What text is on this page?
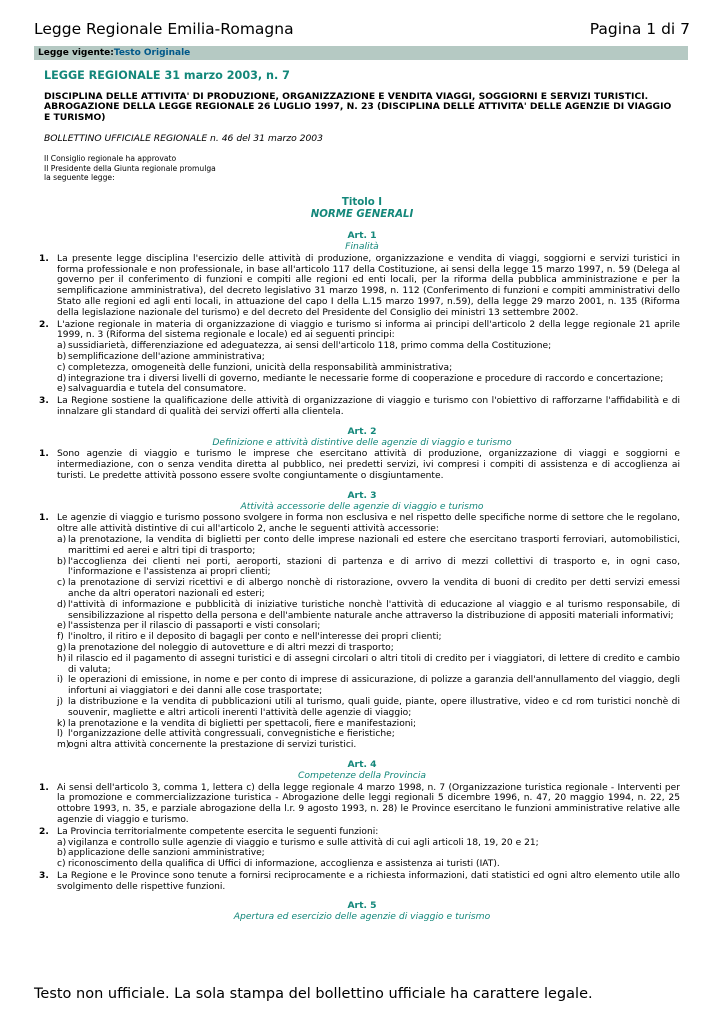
Legge Regionale Emilia-Romagna	Pagina 1 di 7
Legge vigente:Testo Originale
LEGGE REGIONALE 31 marzo 2003, n. 7
DISCIPLINA DELLE ATTIVITA' DI PRODUZIONE, ORGANIZZAZIONE E VENDITA VIAGGI, SOGGIORNI E SERVIZI TURISTICI. ABROGAZIONE DELLA LEGGE REGIONALE 26 LUGLIO 1997, N. 23 (DISCIPLINA DELLE ATTIVITA' DELLE AGENZIE DI VIAGGIO E TURISMO)
BOLLETTINO UFFICIALE REGIONALE n. 46 del 31 marzo 2003
Il Consiglio regionale ha approvato
Il Presidente della Giunta regionale promulga
la seguente legge:
Titolo I
NORME GENERALI
Art. 1
Finalità
1. La presente legge disciplina l'esercizio delle attività di produzione, organizzazione e vendita di viaggi, soggiorni e servizi turistici in forma professionale e non professionale, in base all'articolo 117 della Costituzione, ai sensi della legge 15 marzo 1997, n. 59 (Delega al governo per il conferimento di funzioni e compiti alle regioni ed enti locali, per la riforma della pubblica amministrazione e per la semplificazione amministrativa), del decreto legislativo 31 marzo 1998, n. 112 (Conferimento di funzioni e compiti amministrativi dello Stato alle regioni ed agli enti locali, in attuazione del capo I della L.15 marzo 1997, n.59), della legge 29 marzo 2001, n. 135 (Riforma della legislazione nazionale del turismo) e del decreto del Presidente del Consiglio dei ministri 13 settembre 2002.
2. L'azione regionale in materia di organizzazione di viaggio e turismo si informa ai principi dell'articolo 2 della legge regionale 21 aprile 1999, n. 3 (Riforma del sistema regionale e locale) ed ai seguenti principi:
a) sussidiarietà, differenziazione ed adeguatezza, ai sensi dell'articolo 118, primo comma della Costituzione;
b) semplificazione dell'azione amministrativa;
c) completezza, omogeneità delle funzioni, unicità della responsabilità amministrativa;
d) integrazione tra i diversi livelli di governo, mediante le necessarie forme di cooperazione e procedure di raccordo e concertazione;
e) salvaguardia e tutela del consumatore.
3. La Regione sostiene la qualificazione delle attività di organizzazione di viaggio e turismo con l'obiettivo di rafforzarne l'affidabilità e di innalzare gli standard di qualità dei servizi offerti alla clientela.
Art. 2
Definizione e attività distintive delle agenzie di viaggio e turismo
1. Sono agenzie di viaggio e turismo le imprese che esercitano attività di produzione, organizzazione di viaggi e soggiorni e intermediazione, con o senza vendita diretta al pubblico, nei predetti servizi, ivi compresi i compiti di assistenza e di accoglienza ai turisti. Le predette attività possono essere svolte congiuntamente o disgiuntamente.
Art. 3
Attività accessorie delle agenzie di viaggio e turismo
1. Le agenzie di viaggio e turismo possono svolgere in forma non esclusiva e nel rispetto delle specifiche norme di settore che le regolano, oltre alle attività distintive di cui all'articolo 2, anche le seguenti attività accessorie:
a) la prenotazione, la vendita di biglietti per conto delle imprese nazionali ed estere che esercitano trasporti ferroviari, automobilistici, marittimi ed aerei e altri tipi di trasporto;
b) l'accoglienza dei clienti nei porti, aeroporti, stazioni di partenza e di arrivo di mezzi collettivi di trasporto e, in ogni caso, l'informazione e l'assistenza ai propri clienti;
c) la prenotazione di servizi ricettivi e di albergo nonchè di ristorazione, ovvero la vendita di buoni di credito per detti servizi emessi anche da altri operatori nazionali ed esteri;
d) l'attività di informazione e pubblicità di iniziative turistiche nonchè l'attività di educazione al viaggio e al turismo responsabile, di sensibilizzazione al rispetto della persona e dell'ambiente naturale anche attraverso la distribuzione di appositi materiali informativi;
e) l'assistenza per il rilascio di passaporti e visti consolari;
f) l'inoltro, il ritiro e il deposito di bagagli per conto e nell'interesse dei propri clienti;
g) la prenotazione del noleggio di autovetture e di altri mezzi di trasporto;
h) il rilascio ed il pagamento di assegni turistici e di assegni circolari o altri titoli di credito per i viaggiatori, di lettere di credito e cambio di valuta;
i) le operazioni di emissione, in nome e per conto di imprese di assicurazione, di polizze a garanzia dell'annullamento del viaggio, degli infortuni ai viaggiatori e dei danni alle cose trasportate;
j) la distribuzione e la vendita di pubblicazioni utili al turismo, quali guide, piante, opere illustrative, video e cd rom turistici nonchè di souvenir, magliette e altri articoli inerenti l'attività delle agenzie di viaggio;
k) la prenotazione e la vendita di biglietti per spettacoli, fiere e manifestazioni;
l) l'organizzazione delle attività congressuali, convegnistiche e fieristiche;
m)
ogni altra attività concernente la prestazione di servizi turistici.
Art. 4
Competenze della Provincia
1. Ai sensi dell'articolo 3, comma 1, lettera c) della legge regionale 4 marzo 1998, n. 7 (Organizzazione turistica regionale - Interventi per la promozione e commercializzazione turistica - Abrogazione delle leggi regionali 5 dicembre 1996, n. 47, 20 maggio 1994, n. 22, 25 ottobre 1993, n. 35, e parziale abrogazione della l.r. 9 agosto 1993, n. 28) le Province esercitano le funzioni amministrative relative alle agenzie di viaggio e turismo.
2. La Provincia territorialmente competente esercita le seguenti funzioni:
a) vigilanza e controllo sulle agenzie di viaggio e turismo e sulle attività di cui agli articoli 18, 19, 20 e 21;
b) applicazione delle sanzioni amministrative;
c) riconoscimento della qualifica di Uffici di informazione, accoglienza e assistenza ai turisti (IAT).
3. La Regione e le Province sono tenute a fornirsi reciprocamente e a richiesta informazioni, dati statistici ed ogni altro elemento utile allo svolgimento delle rispettive funzioni.
Art. 5
Apertura ed esercizio delle agenzie di viaggio e turismo
Testo non ufficiale. La sola stampa del bollettino ufficiale ha carattere legale.
